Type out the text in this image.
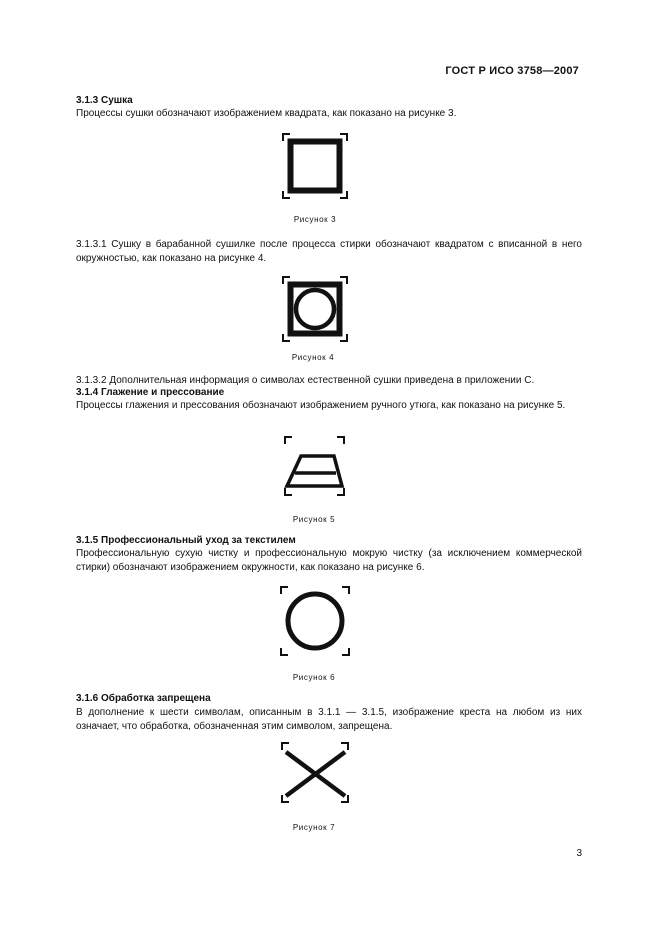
ГОСТ Р ИСО 3758—2007
3.1.3 Сушка
Процессы сушки обозначают изображением квадрата, как показано на рисунке 3.
Рисунок 3
3.1.3.1 Сушку в барабанной сушилке после процесса стирки обозначают квадратом с вписанной в него окружностью, как показано на рисунке 4.
Рисунок 4
3.1.3.2 Дополнительная информация о символах естественной сушки приведена в приложении С.
3.1.4 Глажение и прессование
Процессы глажения и прессования обозначают изображением ручного утюга, как показано на рисунке 5.
Рисунок 5
3.1.5 Профессиональный уход за текстилем
Профессиональную сухую чистку и профессиональную мокрую чистку (за исключением коммерческой стирки) обозначают изображением окружности, как показано на рисунке 6.
Рисунок 6
3.1.6 Обработка запрещена
В дополнение к шести символам, описанным в 3.1.1 — 3.1.5, изображение креста на любом из них означает, что обработка, обозначенная этим символом, запрещена.
Рисунок 7
3
